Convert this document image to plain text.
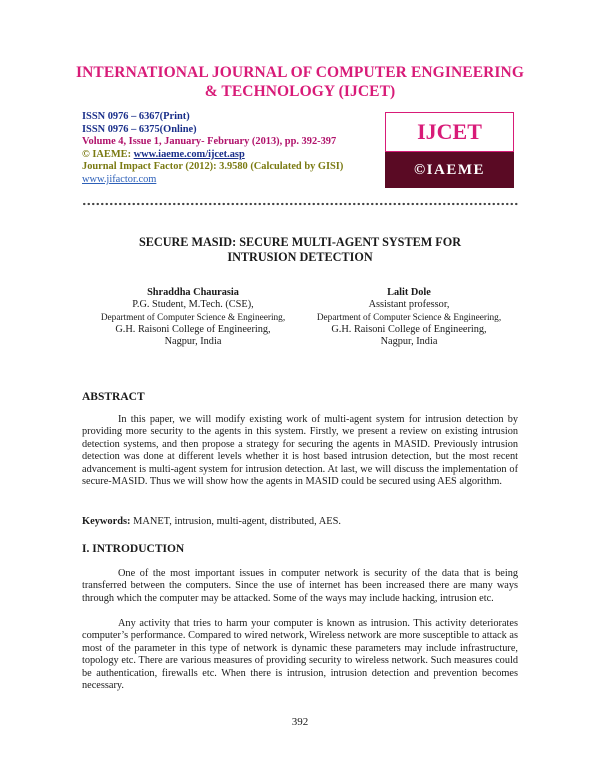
INTERNATIONAL JOURNAL OF COMPUTER ENGINEERING
& TECHNOLOGY (IJCET)
ISSN 0976 – 6367(Print)
ISSN 0976 – 6375(Online)
Volume 4, Issue 1, January- February (2013), pp. 392-397
© IAEME: www.iaeme.com/ijcet.asp
Journal Impact Factor (2012): 3.9580 (Calculated by GISI)
www.jifactor.com
IJCET
©IAEME
SECURE MASID: SECURE MULTI-AGENT SYSTEM FOR
INTRUSION DETECTION
Shraddha Chaurasia
P.G. Student, M.Tech. (CSE),
Department of Computer Science & Engineering,
G.H. Raisoni College of Engineering,
Nagpur, India
Lalit Dole
Assistant professor,
Department of Computer Science & Engineering,
G.H. Raisoni College of Engineering,
Nagpur, India
ABSTRACT
In this paper, we will modify existing work of multi-agent system for intrusion detection by providing more security to the agents in this system. Firstly, we present a review on existing intrusion detection systems, and then propose a strategy for securing the agents in MASID. Previously intrusion detection was done at different levels whether it is host based intrusion detection, but the most recent advancement is multi-agent system for intrusion detection. At last, we will discuss the implementation of secure-MASID. Thus we will show how the agents in MASID could be secured using AES algorithm.
Keywords: MANET, intrusion, multi-agent, distributed, AES.
I. INTRODUCTION
One of the most important issues in computer network is security of the data that is being transferred between the computers. Since the use of internet has been increased there are many ways through which the computer may be attacked. Some of the ways may include hacking, intrusion etc.
Any activity that tries to harm your computer is known as intrusion. This activity deteriorates computer’s performance. Compared to wired network, Wireless network are more susceptible to attack as most of the parameter in this type of network is dynamic these parameters may include infrastructure, topology etc. There are various measures of providing security to wireless network. Such measures could be authentication, firewalls etc. When there is intrusion, intrusion detection and prevention becomes necessary.
392
